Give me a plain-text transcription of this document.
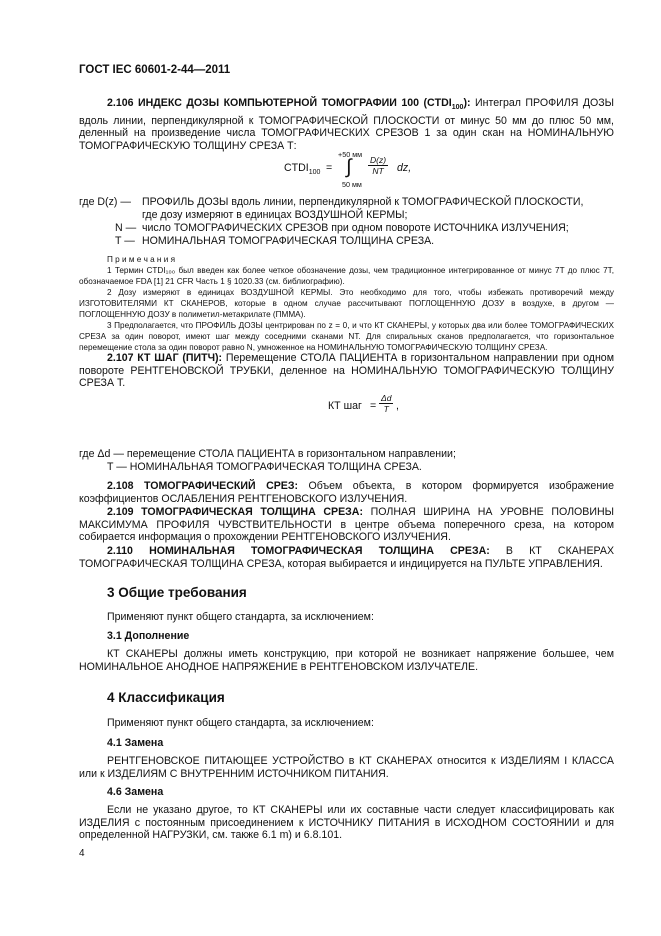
ГОСТ IEC 60601-2-44—2011

2.106 ИНДЕКС ДОЗЫ КОМПЬЮТЕРНОЙ ТОМОГРАФИИ 100 $(CTDI_{100})$: Интеграл ПРОФИЛЯ ДОЗЫ вдоль линии, перпендикулярной к ТОМОГРАФИЧЕСКОЙ ПЛОСКОСТИ от минус 50 мм до плюс 50 мм, деленный на произведение числа ТОМОГРАФИЧЕСКИХ СРЕЗОВ 1 за один скан на НОМИНАЛЬНУЮ ТОМОГРАФИЧЕСКУЮ ТОЛЩИНУ СРЕЗА Т:

$CTDI_{100}$ =
+50 мм
∫
50 мм
$\frac{D(z)}{NT}$ dz,
где D(z) — ПРОФИЛЬ ДОЗЫ вдоль линии, перпендикулярной к ТОМОГРАФИЧЕСКОЙ ПЛОСКОСТИ,
где дозу измеряют в единицах ВОЗДУШНОЙ КЕРМЫ;
N — число ТОМОГРАФИЧЕСКИХ СРЕЗОВ при одном повороте ИСТОЧНИКА ИЗЛУЧЕНИЯ;
T — НОМИНАЛЬНАЯ ТОМОГРАФИЧЕСКАЯ ТОЛЩИНА СРЕЗА.
П р и м е ч а н и я

1 Термин CTDI₁₀₀ был введен как более четкое обозначение дозы, чем традиционное интегрированное от минус 7T до плюс 7T, обозначаемое FDA [1] 21 CFR Часть 1 § 1020.33 (см. библиографию).

2 Дозу измеряют в единицах ВОЗДУШНОЙ КЕРМЫ. Это необходимо для того, чтобы избежать противоречий между ИЗГОТОВИТЕЛЯМИ КТ СКАНЕРОВ, которые в одном случае рассчитывают ПОГЛОЩЕННУЮ ДОЗУ в воздухе, в другом — ПОГЛОЩЕННУЮ ДОЗУ в полиметил-метакрилате (ПММА).

3 Предполагается, что ПРОФИЛЬ ДОЗЫ центрирован по z = 0, и что КТ СКАНЕРЫ, у которых два или более ТОМОГРАФИЧЕСКИХ СРЕЗА за один поворот, имеют шаг между соседними сканами NT. Для спиральных сканов предполагается, что горизонтальное перемещение стола за один поворот равно N, умноженное на НОМИНАЛЬНУЮ ТОМОГРАФИЧЕСКУЮ ТОЛЩИНУ СРЕЗА.

2.107 КТ ШАГ (ПИТЧ): Перемещение СТОЛА ПАЦИЕНТА в горизонтальном направлении при одном повороте РЕНТГЕНОВСКОЙ ТРУБКИ, деленное на НОМИНАЛЬНУЮ ТОМОГРАФИЧЕСКУЮ ТОЛЩИНУ СРЕЗА T.

КТ шаг = $\frac{\Delta d}{T}$ ,
где Δd — перемещение СТОЛА ПАЦИЕНТА в горизонтальном направлении;
T — НОМИНАЛЬНАЯ ТОМОГРАФИЧЕСКАЯ ТОЛЩИНА СРЕЗА.

2.108 ТОМОГРАФИЧЕСКИЙ СРЕЗ: Объем объекта, в котором формируется изображение коэффициентов ОСЛАБЛЕНИЯ РЕНТГЕНОВСКОГО ИЗЛУЧЕНИЯ.

2.109 ТОМОГРАФИЧЕСКАЯ ТОЛЩИНА СРЕЗА: ПОЛНАЯ ШИРИНА НА УРОВНЕ ПОЛОВИНЫ МАКСИМУМА ПРОФИЛЯ ЧУВСТВИТЕЛЬНОСТИ в центре объема поперечного среза, на котором собирается информация о прохождении РЕНТГЕНОВСКОГО ИЗЛУЧЕНИЯ.

2.110 НОМИНАЛЬНАЯ ТОМОГРАФИЧЕСКАЯ ТОЛЩИНА СРЕЗА: В КТ СКАНЕРАХ ТОМОГРАФИЧЕСКАЯ ТОЛЩИНА СРЕЗА, которая выбирается и индицируется на ПУЛЬТЕ УПРАВЛЕНИЯ.

3 Общие требования

Применяют пункт общего стандарта, за исключением:

3.1 Дополнение

КТ СКАНЕРЫ должны иметь конструкцию, при которой не возникает напряжение большее, чем НОМИНАЛЬНОЕ АНОДНОЕ НАПРЯЖЕНИЕ в РЕНТГЕНОВСКОМ ИЗЛУЧАТЕЛЕ.

4 Классификация

Применяют пункт общего стандарта, за исключением:

4.1 Замена

РЕНТГЕНОВСКОЕ ПИТАЮЩЕЕ УСТРОЙСТВО в КТ СКАНЕРАХ относится к ИЗДЕЛИЯМ I КЛАССА или к ИЗДЕЛИЯМ С ВНУТРЕННИМ ИСТОЧНИКОМ ПИТАНИЯ.

4.6 Замена

Если не указано другое, то КТ СКАНЕРЫ или их составные части следует классифицировать как ИЗДЕЛИЯ с постоянным присоединением к ИСТОЧНИКУ ПИТАНИЯ в ИСХОДНОМ СОСТОЯНИИ и для определенной НАГРУЗКИ, см. также 6.1 m) и 6.8.101.

4
